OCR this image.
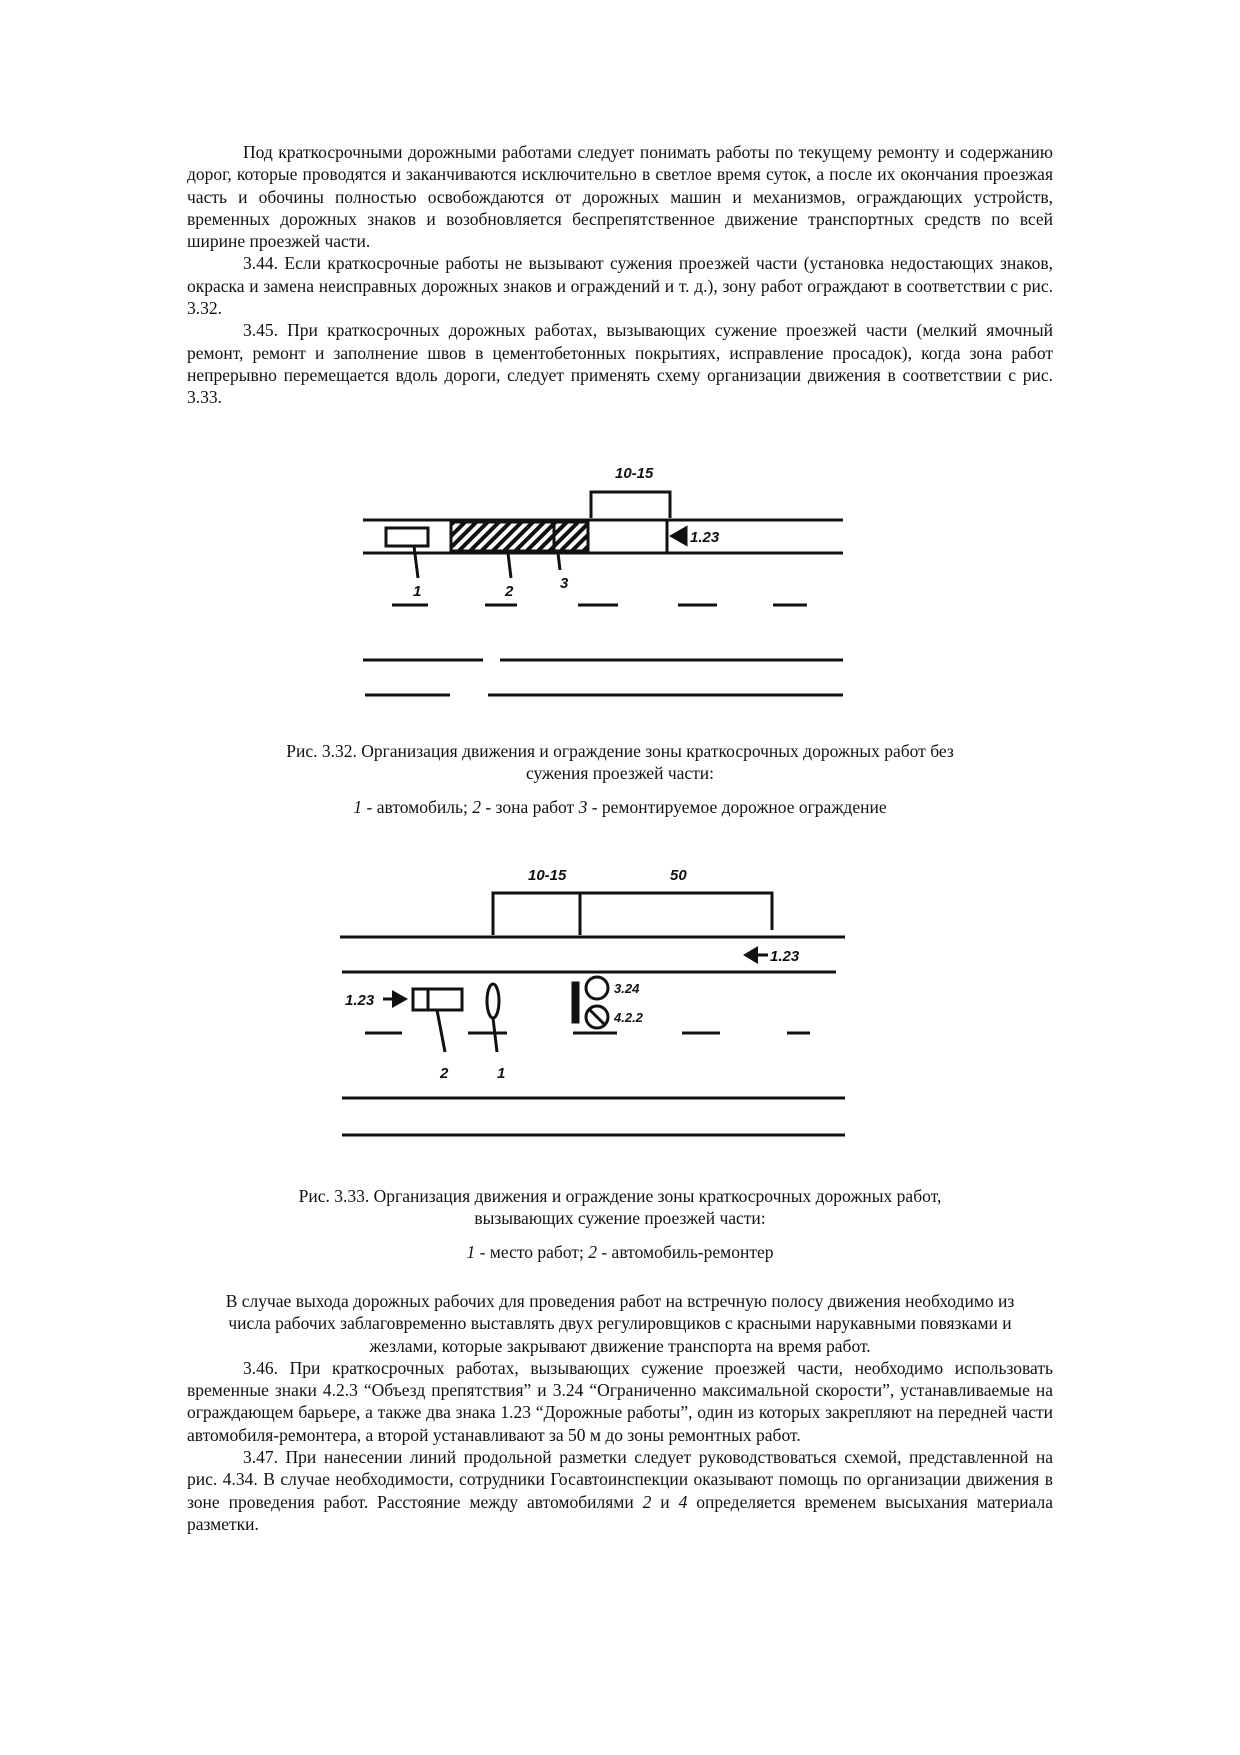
Под краткосрочными дорожными работами следует понимать работы по текущему ремонту и содержанию дорог, которые проводятся и заканчиваются исключительно в светлое время суток, а после их окончания проезжая часть и обочины полностью освобождаются от дорожных машин и механизмов, ограждающих устройств, временных дорожных знаков и возобновляется беспрепятственное движение транспортных средств по всей ширине проезжей части.

3.44. Если краткосрочные работы не вызывают сужения проезжей части (установка недостающих знаков, окраска и замена неисправных дорожных знаков и ограждений и т. д.), зону работ ограждают в соответствии с рис. 3.32.

3.45. При краткосрочных дорожных работах, вызывающих сужение проезжей части (мелкий ямочный ремонт, ремонт и заполнение швов в цементобетонных покрытиях, исправление просадок), когда зона работ непрерывно перемещается вдоль дороги, следует применять схему организации движения в соответствии с рис. 3.33.

10-15
1.23
1	2	3
10-15	50
1.23
1.23
3.24
4.2.2
2	1

Рис. 3.32. Организация движения и ограждение зоны краткосрочных дорожных работ без сужения проезжей части:

1 - автомобиль; 2 - зона работ 3 - ремонтируемое дорожное ограждение

Рис. 3.33. Организация движения и ограждение зоны краткосрочных дорожных работ, вызывающих сужение проезжей части:

1 - место работ; 2 - автомобиль-ремонтер

В случае выхода дорожных рабочих для проведения работ на встречную полосу движения необходимо из числа рабочих заблаговременно выставлять двух регулировщиков с красными нарукавными повязками и жезлами, которые закрывают движение транспорта на время работ.

3.46. При краткосрочных работах, вызывающих сужение проезжей части, необходимо использовать временные знаки 4.2.3 “Объезд препятствия” и 3.24 “Ограниченно максимальной скорости”, устанавливаемые на ограждающем барьере, а также два знака 1.23 “Дорожные работы”, один из которых закрепляют на передней части автомобиля-ремонтера, а второй устанавливают за 50 м до зоны ремонтных работ.

3.47. При нанесении линий продольной разметки следует руководствоваться схемой, представленной на рис. 4.34. В случае необходимости, сотрудники Госавтоинспекции оказывают помощь по организации движения в зоне проведения работ. Расстояние между автомобилями 2 и 4 определяется временем высыхания материала разметки.
